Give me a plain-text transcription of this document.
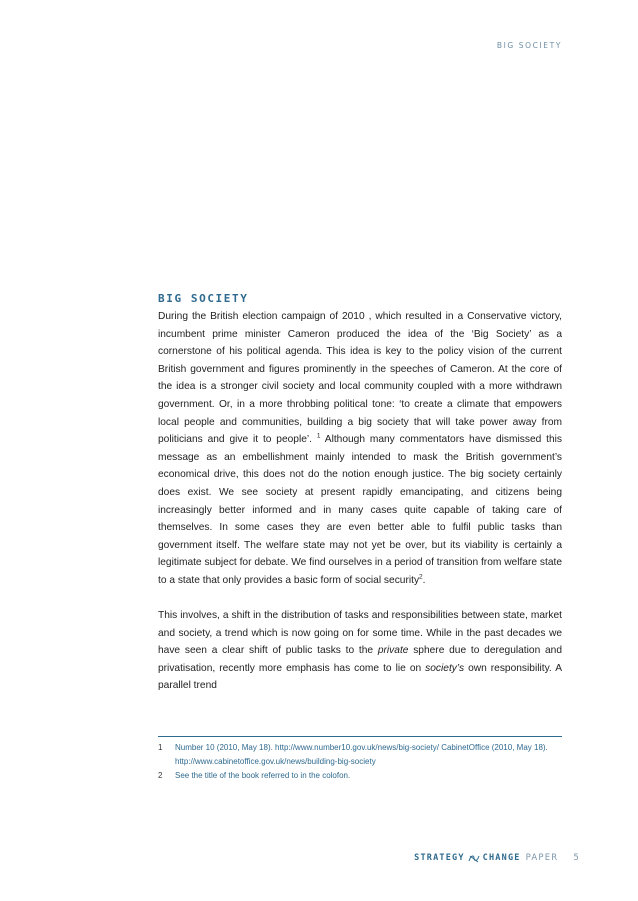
BIG SOCIETY
BIG SOCIETY

During the British election campaign of 2010 , which resulted in a Conservative victory, incumbent prime minister Cameron produced the idea of the ‘Big Society’ as a cornerstone of his political agenda. This idea is key to the policy vision of the current British government and figures prominently in the speeches of Cameron. At the core of the idea is a stronger civil society and local community coupled with a more withdrawn government. Or, in a more throbbing political tone: ‘to create a climate that empowers local people and communities, building a big society that will take power away from politicians and give it to people’. $^1$ Although many commentators have dismissed this message as an embellishment mainly intended to mask the British government’s economical drive, this does not do the notion enough justice. The big society certainly does exist. We see society at present rapidly emancipating, and citizens being increasingly better informed and in many cases quite capable of taking care of themselves. In some cases they are even better able to fulfil public tasks than government itself. The welfare state may not yet be over, but its viability is certainly a legitimate subject for debate. We find ourselves in a period of transition from welfare state to a state that only provides a basic form of social security$^2$.

This involves, a shift in the distribution of tasks and responsibilities between state, market and society, a trend which is now going on for some time. While in the past decades we have seen a clear shift of public tasks to the private sphere due to deregulation and privatisation, recently more emphasis has come to lie on society’s own responsibility. A parallel trend

1	Number 10 (2010, May 18). http://www.number10.gov.uk/news/big-society/ CabinetOffice (2010, May 18). http://www.cabinetoffice.gov.uk/news/building-big-society
2	See the title of the book referred to in the colofon.
STRATEGY CHANGE PAPER 5
